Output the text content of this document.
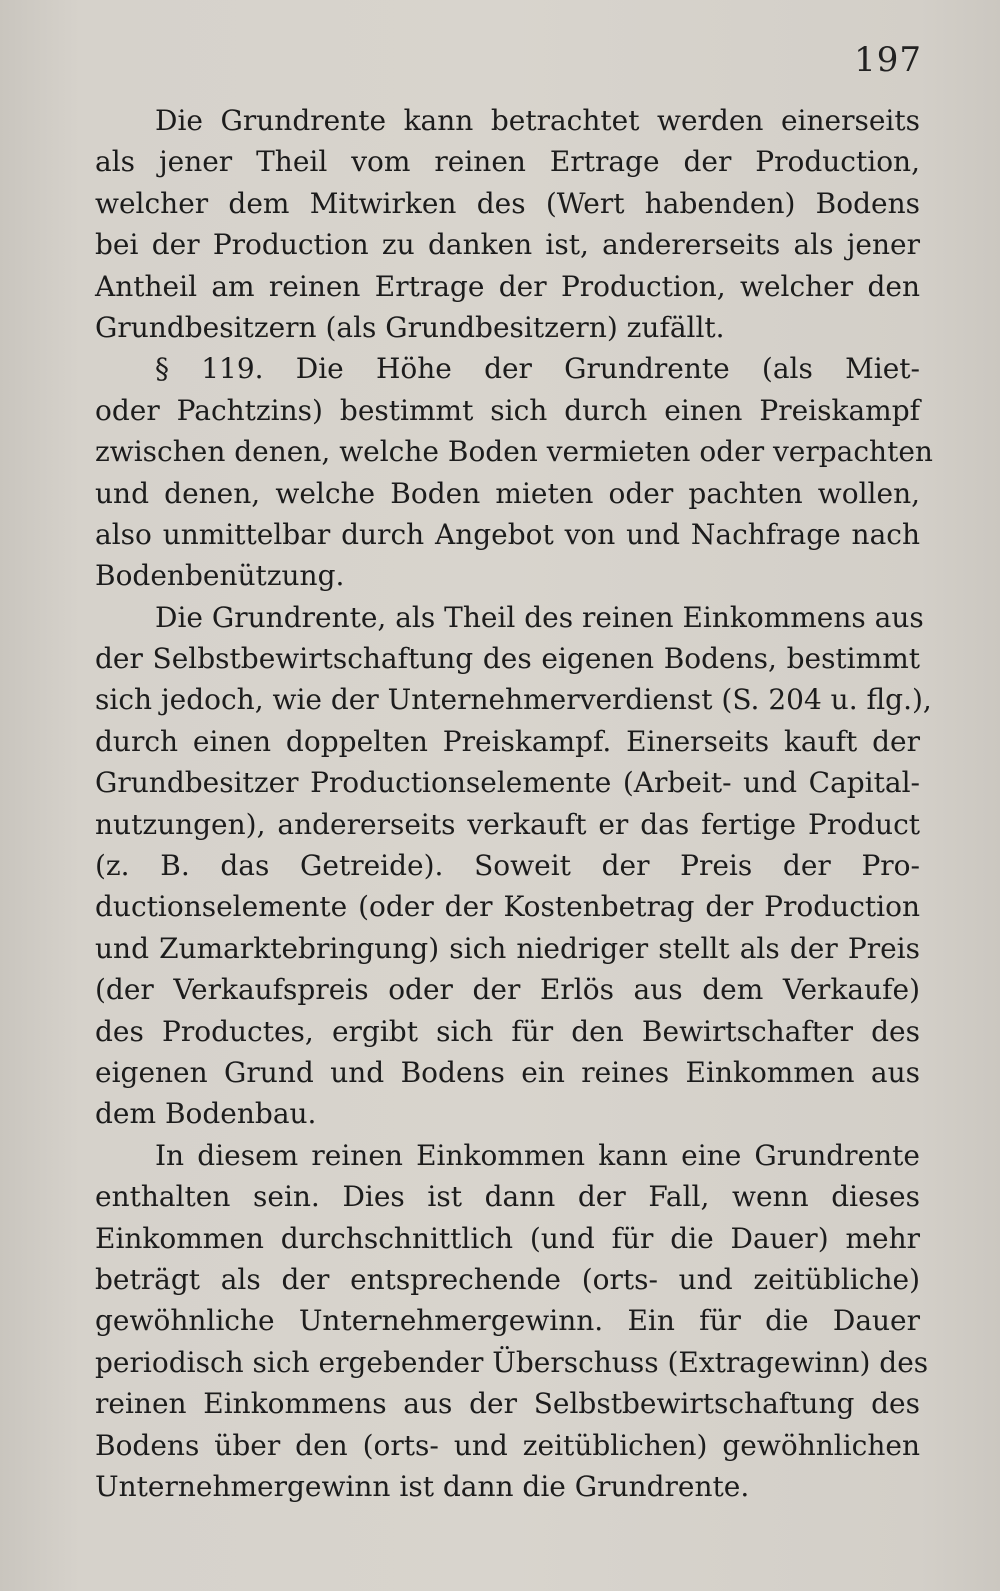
197
Die Grundrente kann betrachtet werden einerseits
als jener Theil vom reinen Ertrage der Production,
welcher dem Mitwirken des (Wert habenden) Bodens
bei der Production zu danken ist, andererseits als jener
Antheil am reinen Ertrage der Production, welcher den
Grundbesitzern (als Grundbesitzern) zufällt.
§ 119. Die Höhe der Grundrente (als Miet-
oder Pachtzins) bestimmt sich durch einen Preiskampf
zwischen denen, welche Boden vermieten oder verpachten
und denen, welche Boden mieten oder pachten wollen,
also unmittelbar durch Angebot von und Nachfrage nach
Bodenbenützung.
Die Grundrente, als Theil des reinen Einkommens aus
der Selbstbewirtschaftung des eigenen Bodens, bestimmt
sich jedoch, wie der Unternehmerverdienst (S. 204 u. flg.),
durch einen doppelten Preiskampf. Einerseits kauft der
Grundbesitzer Productionselemente (Arbeit- und Capital-
nutzungen), andererseits verkauft er das fertige Product
(z. B. das Getreide). Soweit der Preis der Pro-
ductionselemente (oder der Kostenbetrag der Production
und Zumarktebringung) sich niedriger stellt als der Preis
(der Verkaufspreis oder der Erlös aus dem Verkaufe)
des Productes, ergibt sich für den Bewirtschafter des
eigenen Grund und Bodens ein reines Einkommen aus
dem Bodenbau.
In diesem reinen Einkommen kann eine Grundrente
enthalten sein. Dies ist dann der Fall, wenn dieses
Einkommen durchschnittlich (und für die Dauer) mehr
beträgt als der entsprechende (orts- und zeitübliche)
gewöhnliche Unternehmergewinn. Ein für die Dauer
periodisch sich ergebender Überschuss (Extragewinn) des
reinen Einkommens aus der Selbstbewirtschaftung des
Bodens über den (orts- und zeitüblichen) gewöhnlichen
Unternehmergewinn ist dann die Grundrente.
